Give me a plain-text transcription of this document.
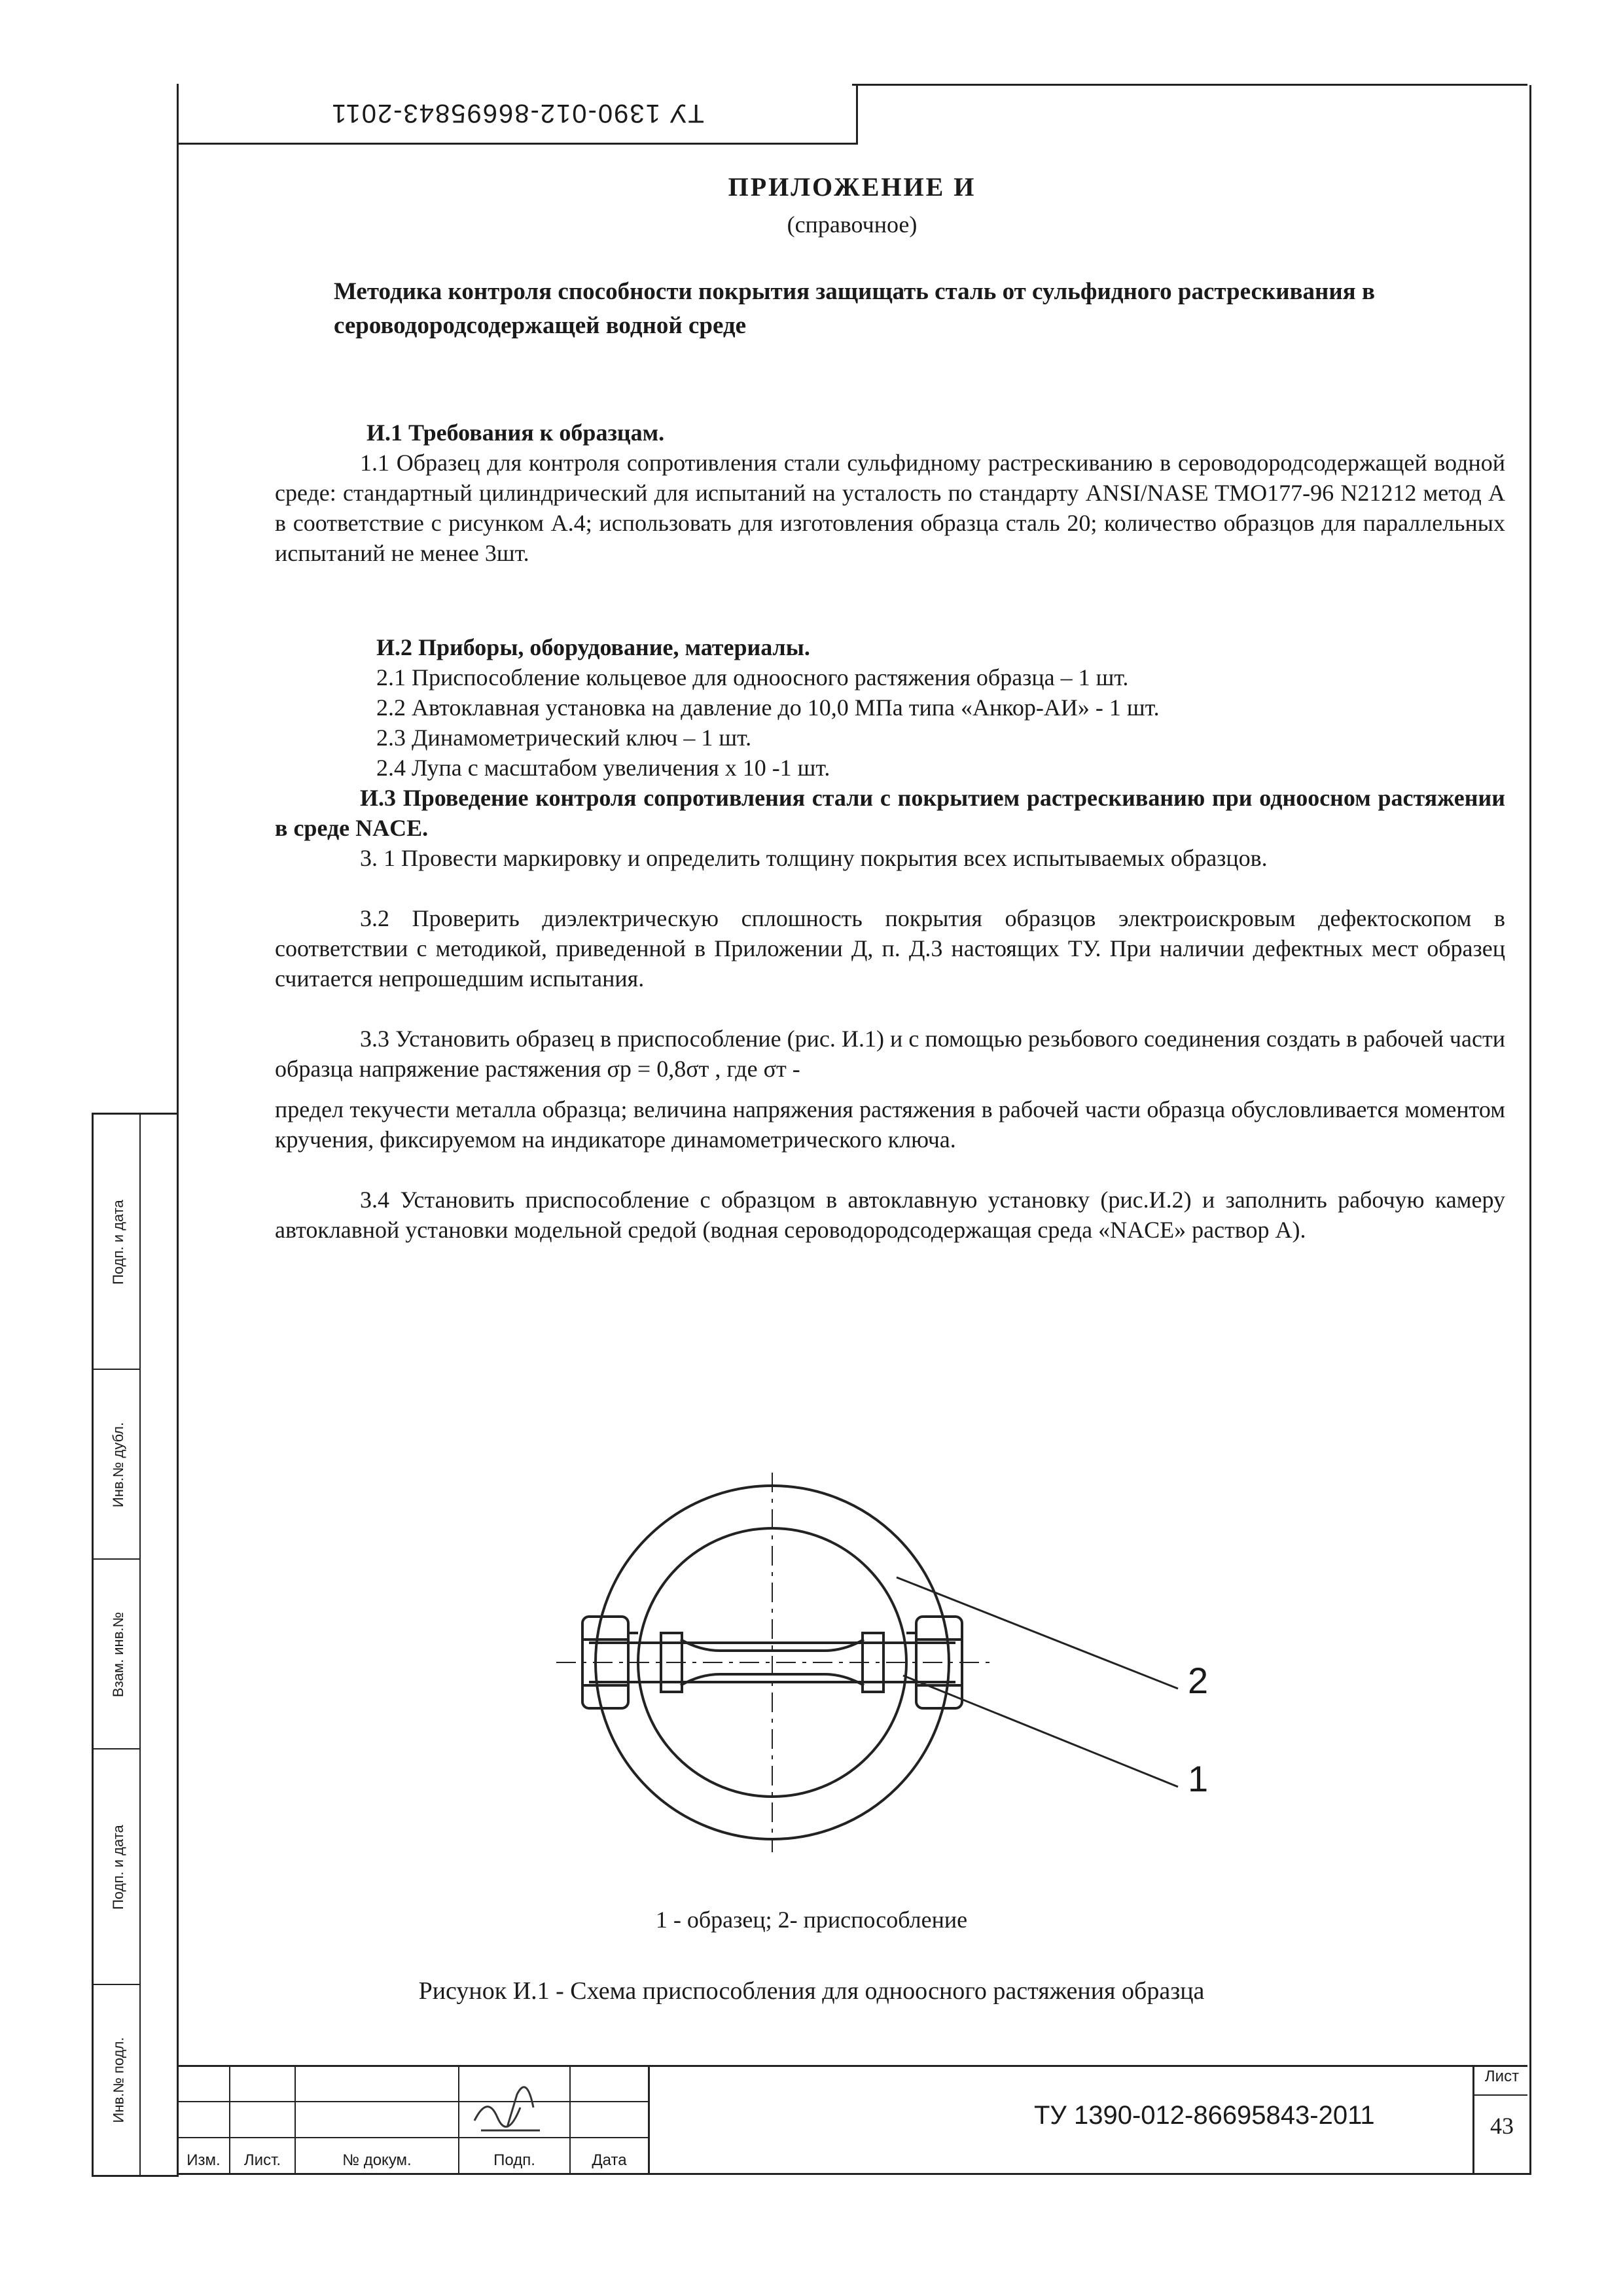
ТУ 1390-012-86695843-2011
Подп. и дата
Инв.№ дубл.
Взам. инв.№
Подп. и дата
Инв.№ подл.
ПРИЛОЖЕНИЕ И
(справочное)
Методика контроля способности покрытия защищать сталь от сульфидного растрескивания в сероводородсодержащей водной среде
И.1 Требования к образцам.
1.1 Образец для контроля сопротивления стали сульфидному растрескиванию в сероводородсодержащей водной среде: стандартный цилиндрический для испытаний на усталость по стандарту ANSI/NASE TMO177-96 N21212 метод A в соответствие с рисунком А.4; использовать для изготовления образца сталь 20; количество образцов для параллельных испытаний не менее 3шт.
И.2 Приборы, оборудование, материалы.
2.1 Приспособление кольцевое для одноосного растяжения образца – 1 шт.
2.2 Автоклавная установка на давление до 10,0 МПа типа «Анкор-АИ» - 1 шт.
2.3 Динамометрический ключ – 1 шт.
2.4 Лупа с масштабом увеличения х 10 -1 шт.
И.3 Проведение контроля сопротивления стали с покрытием растрескиванию при одноосном растяжении в среде NACE.
3. 1 Провести маркировку и определить толщину покрытия всех испытываемых образцов.
3.2 Проверить диэлектрическую сплошность покрытия образцов электроискровым дефектоскопом в соответствии с методикой, приведенной в Приложении Д, п. Д.3 настоящих ТУ. При наличии дефектных мест образец считается непрошедшим испытания.
3.3 Установить образец в приспособление (рис. И.1) и с помощью резьбового соединения создать в рабочей части образца напряжение растяжения σр = 0,8σт , где σт -
предел текучести металла образца; величина напряжения растяжения в рабочей части образца обусловливается моментом кручения, фиксируемом на индикаторе динамометрического ключа.
3.4 Установить приспособление с образцом в автоклавную установку (рис.И.2) и заполнить рабочую камеру автоклавной установки модельной средой (водная сероводородсодержащая среда «NACE» раствор А).
2
1
1 - образец; 2- приспособление
Рисунок И.1 - Схема приспособления для одноосного растяжения образца
Изм.	Лист.	№ докум.	Подп.	Дата
ТУ 1390-012-86695843-2011
Лист
43
